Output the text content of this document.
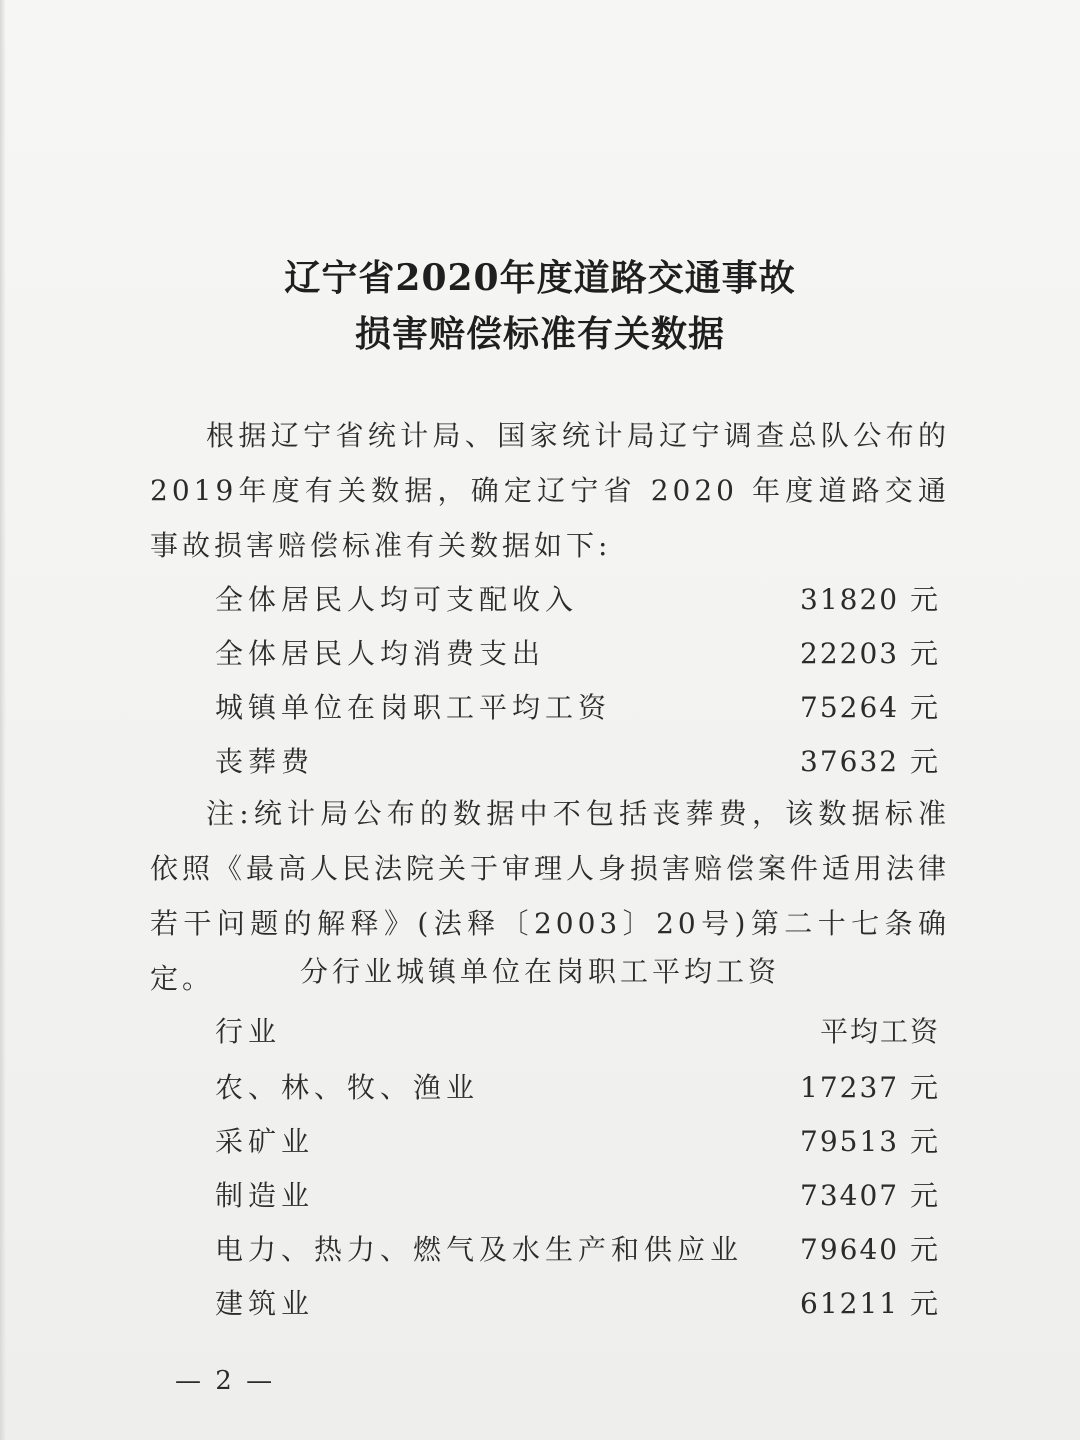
辽宁省2020年度道路交通事故
损害赔偿标准有关数据
根据辽宁省统计局、国家统计局辽宁调查总队公布的 2019年度有关数据，确定辽宁省 2020 年度道路交通事故损害赔偿标准有关数据如下:
全体居民人均可支配收入	31820 元
全体居民人均消费支出	22203 元
城镇单位在岗职工平均工资	75264 元
丧葬费	37632 元
注:统计局公布的数据中不包括丧葬费，该数据标准依照《最高人民法院关于审理人身损害赔偿案件适用法律若干问题的解释》(法释〔2003〕20号)第二十七条确定。	分行业城镇单位在岗职工平均工资
行业	平均工资
农、林、牧、渔业	17237 元
采矿业	79513 元
制造业	73407 元
电力、热力、燃气及水生产和供应业 79640 元
建筑业	61211 元
— 2 —
